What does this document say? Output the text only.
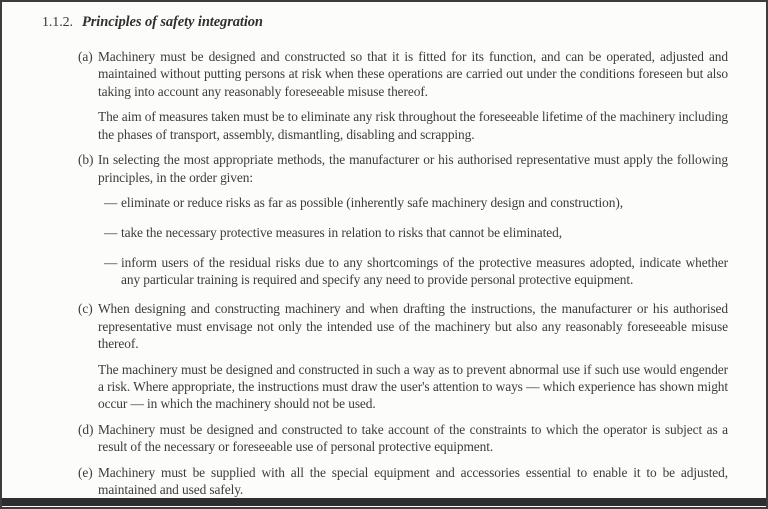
1.1.2. Principles of safety integration
(a) Machinery must be designed and constructed so that it is fitted for its function, and can be operated, adjusted and maintained without putting persons at risk when these operations are carried out under the conditions foreseen but also taking into account any reasonably foreseeable misuse thereof.

The aim of measures taken must be to eliminate any risk throughout the foreseeable lifetime of the machinery including the phases of transport, assembly, dismantling, disabling and scrapping.

(b) In selecting the most appropriate methods, the manufacturer or his authorised representative must apply the following principles, in the order given:

— eliminate or reduce risks as far as possible (inherently safe machinery design and construction),

— take the necessary protective measures in relation to risks that cannot be eliminated,

— inform users of the residual risks due to any shortcomings of the protective measures adopted, indicate whether any particular training is required and specify any need to provide personal protective equipment.

(c) When designing and constructing machinery and when drafting the instructions, the manufacturer or his authorised representative must envisage not only the intended use of the machinery but also any reasonably foreseeable misuse thereof.

The machinery must be designed and constructed in such a way as to prevent abnormal use if such use would engender a risk. Where appropriate, the instructions must draw the user's attention to ways — which experience has shown might occur — in which the machinery should not be used.

(d) Machinery must be designed and constructed to take account of the constraints to which the operator is subject as a result of the necessary or foreseeable use of personal protective equipment.

(e) Machinery must be supplied with all the special equipment and accessories essential to enable it to be adjusted, maintained and used safely.
